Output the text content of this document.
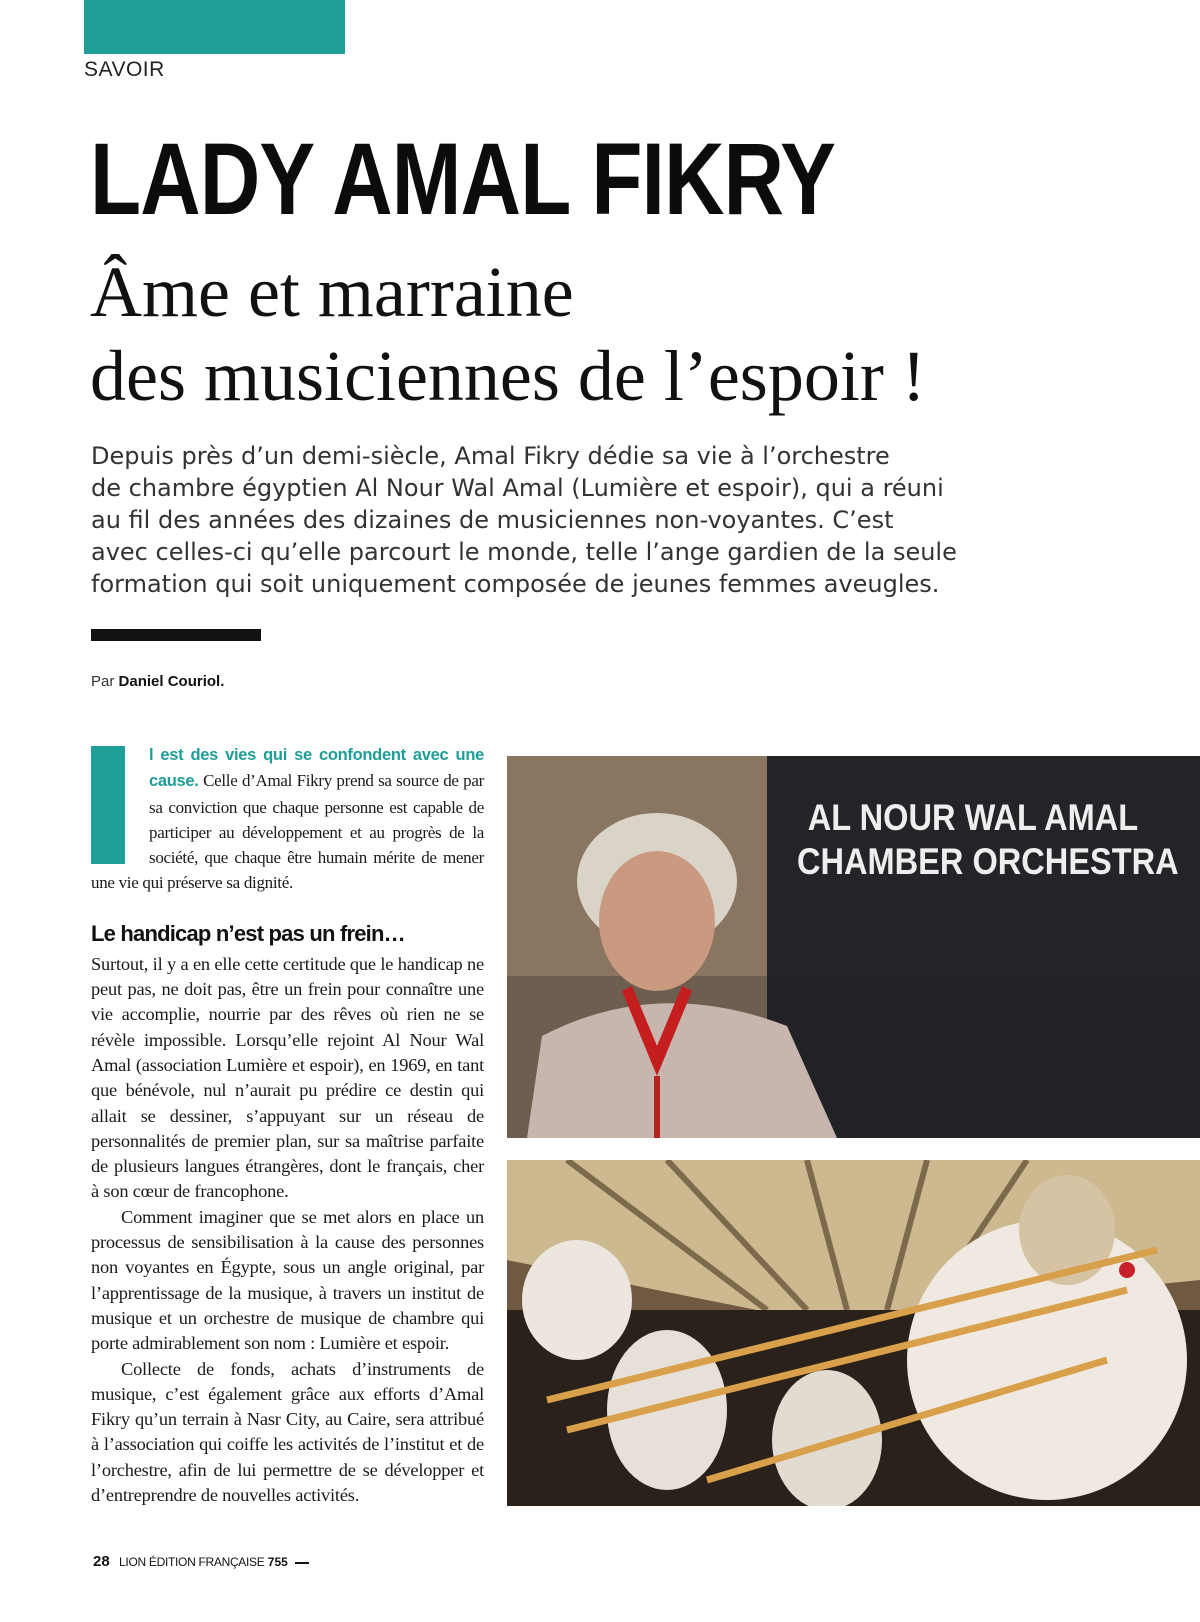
SAVOIR
LADY AMAL FIKRY
Âme et marraine
des musiciennes de l’espoir !
Depuis près d’un demi-siècle, Amal Fikry dédie sa vie à l’orchestre
de chambre égyptien Al Nour Wal Amal (Lumière et espoir), qui a réuni
au fil des années des dizaines de musiciennes non-voyantes. C’est
avec celles-ci qu’elle parcourt le monde, telle l’ange gardien de la seule
formation qui soit uniquement composée de jeunes femmes aveugles.
Par Daniel Couriol.

l est des vies qui se confondent avec une cause. Celle d’Amal Fikry prend sa source de par sa conviction que chaque personne est capable de participer au développement et au progrès de la société, que chaque être humain mérite de mener une vie qui préserve sa dignité.

Le handicap n’est pas un frein…

Surtout, il y a en elle cette certitude que le handicap ne peut pas, ne doit pas, être un frein pour connaître une vie accomplie, nourrie par des rêves où rien ne se révèle impossible. Lorsqu’elle rejoint Al Nour Wal Amal (association Lumière et espoir), en 1969, en tant que bénévole, nul n’aurait pu prédire ce destin qui allait se dessiner, s’appuyant sur un réseau de personnalités de premier plan, sur sa maîtrise parfaite de plusieurs langues étrangères, dont le français, cher à son cœur de francophone.

Comment imaginer que se met alors en place un processus de sensibilisation à la cause des personnes non voyantes en Égypte, sous un angle original, par l’apprentissage de la musique, à travers un institut de musique et un orchestre de musique de chambre qui porte admirablement son nom : Lumière et espoir.

Collecte de fonds, achats d’instruments de musique, c’est également grâce aux efforts d’Amal Fikry qu’un terrain à Nasr City, au Caire, sera attribué à l’association qui coiffe les activités de l’institut et de l’orchestre, afin de lui permettre de se développer et d’entreprendre de nouvelles activités.

AL NOUR WAL AMAL
CHAMBER ORCHESTRA
28 LION ÉDITION FRANÇAISE 755
